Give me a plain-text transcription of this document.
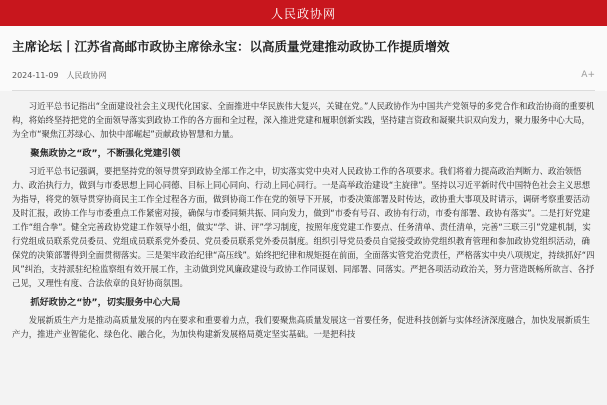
人民政协网
主席论坛丨江苏省高邮市政协主席徐永宝：以高质量党建推动政协工作提质增效
2024-11-09 人民政协网	A+

习近平总书记指出“全面建设社会主义现代化国家、全面推进中华民族伟大复兴，关键在党。”人民政协作为中国共产党领导的多党合作和政治协商的重要机构，将始终坚持把党的全面领导落实到政协工作的各方面和全过程，深入推进党建和履职创新实践，坚持建言资政和凝聚共识双向发力，聚力服务中心大局，为全市“聚焦江苏绿心、加快中部崛起”贡献政协智慧和力量。

聚焦政协之“政”，不断强化党建引领

习近平总书记强调，要把坚持党的领导贯穿到政协全部工作之中，切实落实党中央对人民政协工作的各项要求。我们将着力提高政治判断力、政治领悟力、政治执行力，做到与市委思想上同心同德、目标上同心同向、行动上同心同行。一是高举政治建设“主旋律”。坚持以习近平新时代中国特色社会主义思想为指导，将党的领导贯穿协商民主工作全过程各方面，做到协商工作在党的领导下开展，市委决策部署及时传达，政协重大事项及时请示，调研考察重要活动及时汇报，政协工作与市委重点工作紧密对接，确保与市委同频共振、同向发力，做到“市委有号召、政协有行动，市委有部署、政协有落实”。二是打好党建工作“组合拳”。健全完善政协党建工作领导小组，做实“学、讲、评”学习制度，按照年度党建工作要点、任务清单、责任清单，完善“三联三引”党建机制，实行党组成员联系党员委员、党组成员联系党外委员、党员委员联系党外委员制度。组织引导党员委员自觉接受政协党组织教育管理和参加政协党组织活动，确保党的决策部署得到全面贯彻落实。三是架牢政治纪律“高压线”。始终把纪律和规矩挺在前面，全面落实管党治党责任，严格落实中央八项规定，持续抓好“四风”纠治，支持派驻纪检监察组有效开展工作，主动做到党风廉政建设与政协工作同谋划、同部署、同落实。严把各项活动政治关，努力营造既畅所欲言、各抒己见，又理性有度、合法依章的良好协商氛围。

抓好政协之“协”，切实服务中心大局

发展新质生产力是推动高质量发展的内在要求和重要着力点，我们要聚焦高质量发展这一首要任务，促进科技创新与实体经济深度融合，加快发展新质生产力，推进产业智能化、绿色化、融合化，为加快构建新发展格局奠定坚实基础。一是把科技
